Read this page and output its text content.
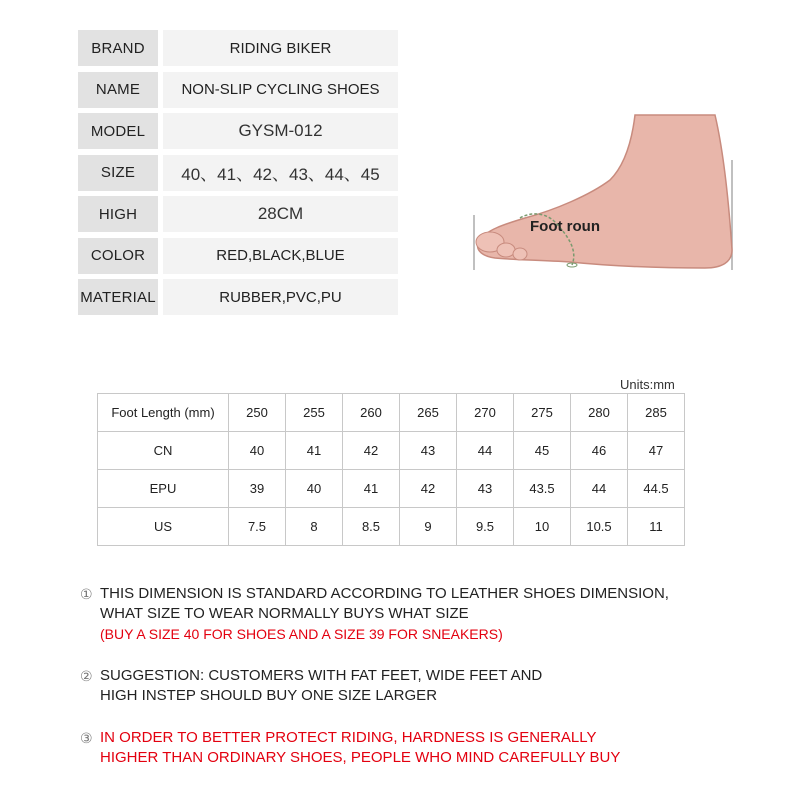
BRAND	RIDING BIKER
NAME	NON-SLIP CYCLING SHOES
MODEL	GYSM-012
SIZE	40、41、42、43、44、45
HIGH	28CM
COLOR	RED,BLACK,BLUE
MATERIAL	RUBBER,PVC,PU
Foot roun
Units:mm
Foot Length (mm)	250	255	260	265	270	275	280	285
CN	40	41	42	43	44	45	46	47
EPU	39	40	41	42	43	43.5	44	44.5
US	7.5	8	8.5	9	9.5	10	10.5	11
① THIS DIMENSION IS STANDARD ACCORDING TO LEATHER SHOES DIMENSION,
WHAT SIZE TO WEAR NORMALLY BUYS WHAT SIZE
(BUY A SIZE 40 FOR SHOES AND A SIZE 39 FOR SNEAKERS)
② SUGGESTION: CUSTOMERS WITH FAT FEET, WIDE FEET AND
HIGH INSTEP SHOULD BUY ONE SIZE LARGER
③ IN ORDER TO BETTER PROTECT RIDING, HARDNESS IS GENERALLY
HIGHER THAN ORDINARY SHOES, PEOPLE WHO MIND CAREFULLY BUY
